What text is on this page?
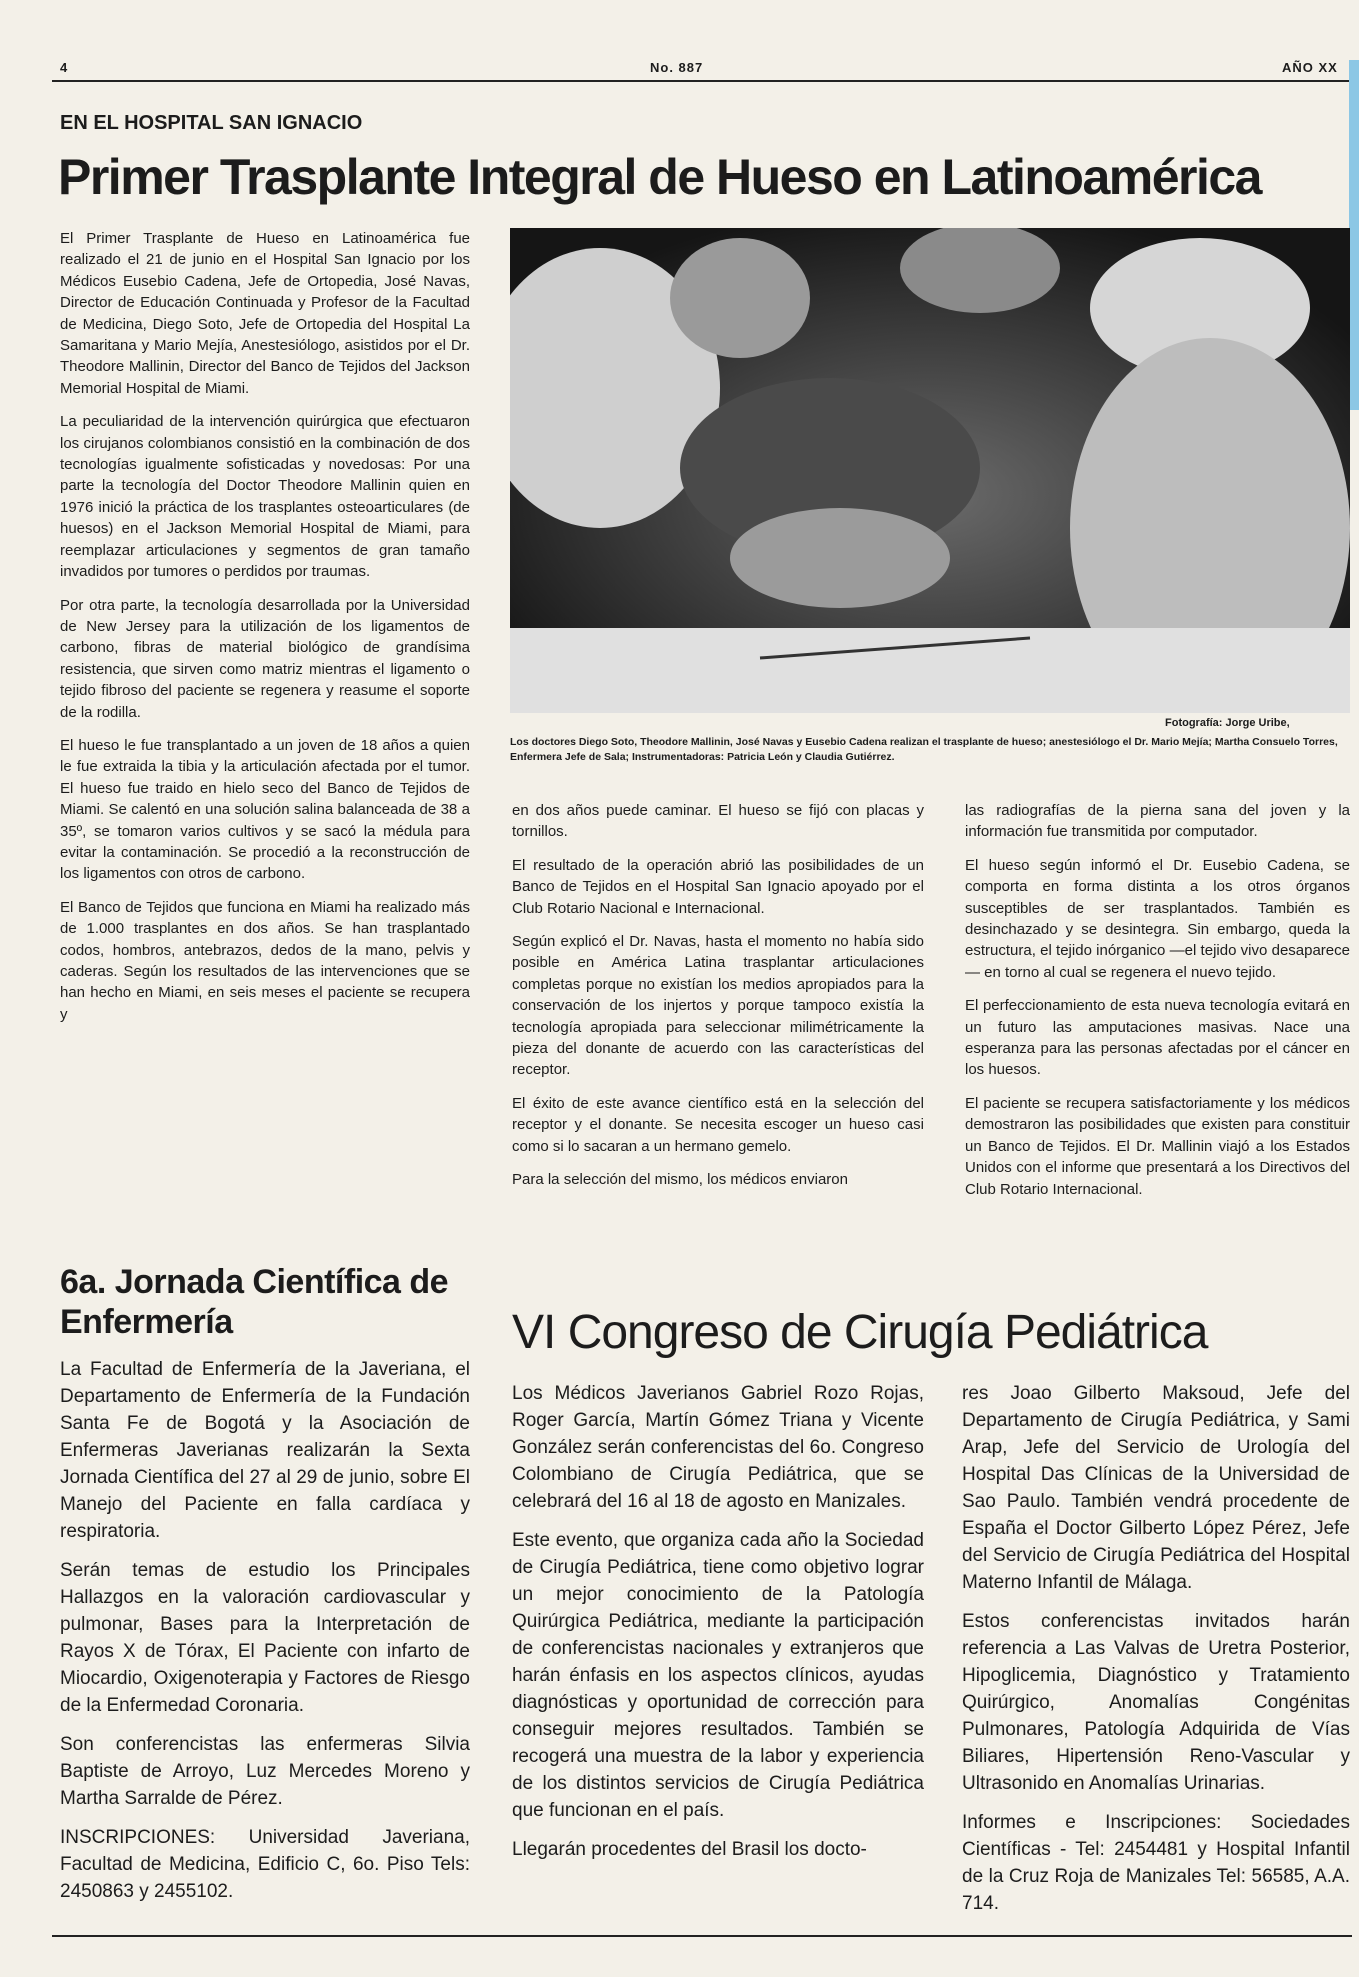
4	No. 887	AÑO XX
EN EL HOSPITAL SAN IGNACIO
Primer Trasplante Integral de Hueso en Latinoamérica

El Primer Trasplante de Hueso en Latinoamérica fue realizado el 21 de junio en el Hospital San Ignacio por los Médicos Eusebio Cadena, Jefe de Ortopedia, José Navas, Director de Educación Continuada y Profesor de la Facultad de Medicina, Diego Soto, Jefe de Ortopedia del Hospital La Samaritana y Mario Mejía, Anestesiólogo, asistidos por el Dr. Theodore Mallinin, Director del Banco de Tejidos del Jackson Memorial Hospital de Miami.

La peculiaridad de la intervención quirúrgica que efectuaron los cirujanos colombianos consistió en la combinación de dos tecnologías igualmente sofisticadas y novedosas: Por una parte la tecnología del Doctor Theodore Mallinin quien en 1976 inició la práctica de los trasplantes osteoarticulares (de huesos) en el Jackson Memorial Hospital de Miami, para reemplazar articulaciones y segmentos de gran tamaño invadidos por tumores o perdidos por traumas.

Por otra parte, la tecnología desarrollada por la Universidad de New Jersey para la utilización de los ligamentos de carbono, fibras de material biológico de grandísima resistencia, que sirven como matriz mientras el ligamento o tejido fibroso del paciente se regenera y reasume el soporte de la rodilla.

El hueso le fue transplantado a un joven de 18 años a quien le fue extraida la tibia y la articulación afectada por el tumor. El hueso fue traido en hielo seco del Banco de Tejidos de Miami. Se calentó en una solución salina balanceada de 38 a 35º, se tomaron varios cultivos y se sacó la médula para evitar la contaminación. Se procedió a la reconstrucción de los ligamentos con otros de carbono.

El Banco de Tejidos que funciona en Miami ha realizado más de 1.000 trasplantes en dos años. Se han trasplantado codos, hombros, antebrazos, dedos de la mano, pelvis y caderas. Según los resultados de las intervenciones que se han hecho en Miami, en seis meses el paciente se recupera y

Fotografía: Jorge Uribe,
Los doctores Diego Soto, Theodore Mallinin, José Navas y Eusebio Cadena realizan el trasplante de hueso; anestesiólogo el Dr. Mario Mejía; Martha Consuelo Torres, Enfermera Jefe de Sala; Instrumentadoras: Patricia León y Claudia Gutiérrez.

en dos años puede caminar. El hueso se fijó con placas y tornillos.

El resultado de la operación abrió las posibilidades de un Banco de Tejidos en el Hospital San Ignacio apoyado por el Club Rotario Nacional e Internacional.

Según explicó el Dr. Navas, hasta el momento no había sido posible en América Latina trasplantar articulaciones completas porque no existían los medios apropiados para la conservación de los injertos y porque tampoco existía la tecnología apropiada para seleccionar milimétricamente la pieza del donante de acuerdo con las características del receptor.

El éxito de este avance científico está en la selección del receptor y el donante. Se necesita escoger un hueso casi como si lo sacaran a un hermano gemelo.

Para la selección del mismo, los médicos enviaron

las radiografías de la pierna sana del joven y la información fue transmitida por computador.

El hueso según informó el Dr. Eusebio Cadena, se comporta en forma distinta a los otros órganos susceptibles de ser trasplantados. También es desinchazado y se desintegra. Sin embargo, queda la estructura, el tejido inórganico —el tejido vivo desaparece— en torno al cual se regenera el nuevo tejido.

El perfeccionamiento de esta nueva tecnología evitará en un futuro las amputaciones masivas. Nace una esperanza para las personas afectadas por el cáncer en los huesos.

El paciente se recupera satisfactoriamente y los médicos demostraron las posibilidades que existen para constituir un Banco de Tejidos. El Dr. Mallinin viajó a los Estados Unidos con el informe que presentará a los Directivos del Club Rotario Internacional.

6a. Jornada Científica de Enfermería

La Facultad de Enfermería de la Javeriana, el Departamento de Enfermería de la Fundación Santa Fe de Bogotá y la Asociación de Enfermeras Javerianas realizarán la Sexta Jornada Científica del 27 al 29 de junio, sobre El Manejo del Paciente en falla cardíaca y respiratoria.

Serán temas de estudio los Principales Hallazgos en la valoración cardiovascular y pulmonar, Bases para la Interpretación de Rayos X de Tórax, El Paciente con infarto de Miocardio, Oxigenoterapia y Factores de Riesgo de la Enfermedad Coronaria.

Son conferencistas las enfermeras Silvia Baptiste de Arroyo, Luz Mercedes Moreno y Martha Sarralde de Pérez.

INSCRIPCIONES: Universidad Javeriana, Facultad de Medicina, Edificio C, 6o. Piso Tels: 2450863 y 2455102.

VI Congreso de Cirugía Pediátrica

Los Médicos Javerianos Gabriel Rozo Rojas, Roger García, Martín Gómez Triana y Vicente González serán conferencistas del 6o. Congreso Colombiano de Cirugía Pediátrica, que se celebrará del 16 al 18 de agosto en Manizales.

Este evento, que organiza cada año la Sociedad de Cirugía Pediátrica, tiene como objetivo lograr un mejor conocimiento de la Patología Quirúrgica Pediátrica, mediante la participación de conferencistas nacionales y extranjeros que harán énfasis en los aspectos clínicos, ayudas diagnósticas y oportunidad de corrección para conseguir mejores resultados. También se recogerá una muestra de la labor y experiencia de los distintos servicios de Cirugía Pediátrica que funcionan en el país.

Llegarán procedentes del Brasil los docto-

res Joao Gilberto Maksoud, Jefe del Departamento de Cirugía Pediátrica, y Sami Arap, Jefe del Servicio de Urología del Hospital Das Clínicas de la Universidad de Sao Paulo. También vendrá procedente de España el Doctor Gilberto López Pérez, Jefe del Servicio de Cirugía Pediátrica del Hospital Materno Infantil de Málaga.

Estos conferencistas invitados harán referencia a Las Valvas de Uretra Posterior, Hipoglicemia, Diagnóstico y Tratamiento Quirúrgico, Anomalías Congénitas Pulmonares, Patología Adquirida de Vías Biliares, Hipertensión Reno-Vascular y Ultrasonido en Anomalías Urinarias.

Informes e Inscripciones: Sociedades Científicas - Tel: 2454481 y Hospital Infantil de la Cruz Roja de Manizales Tel: 56585, A.A. 714.
